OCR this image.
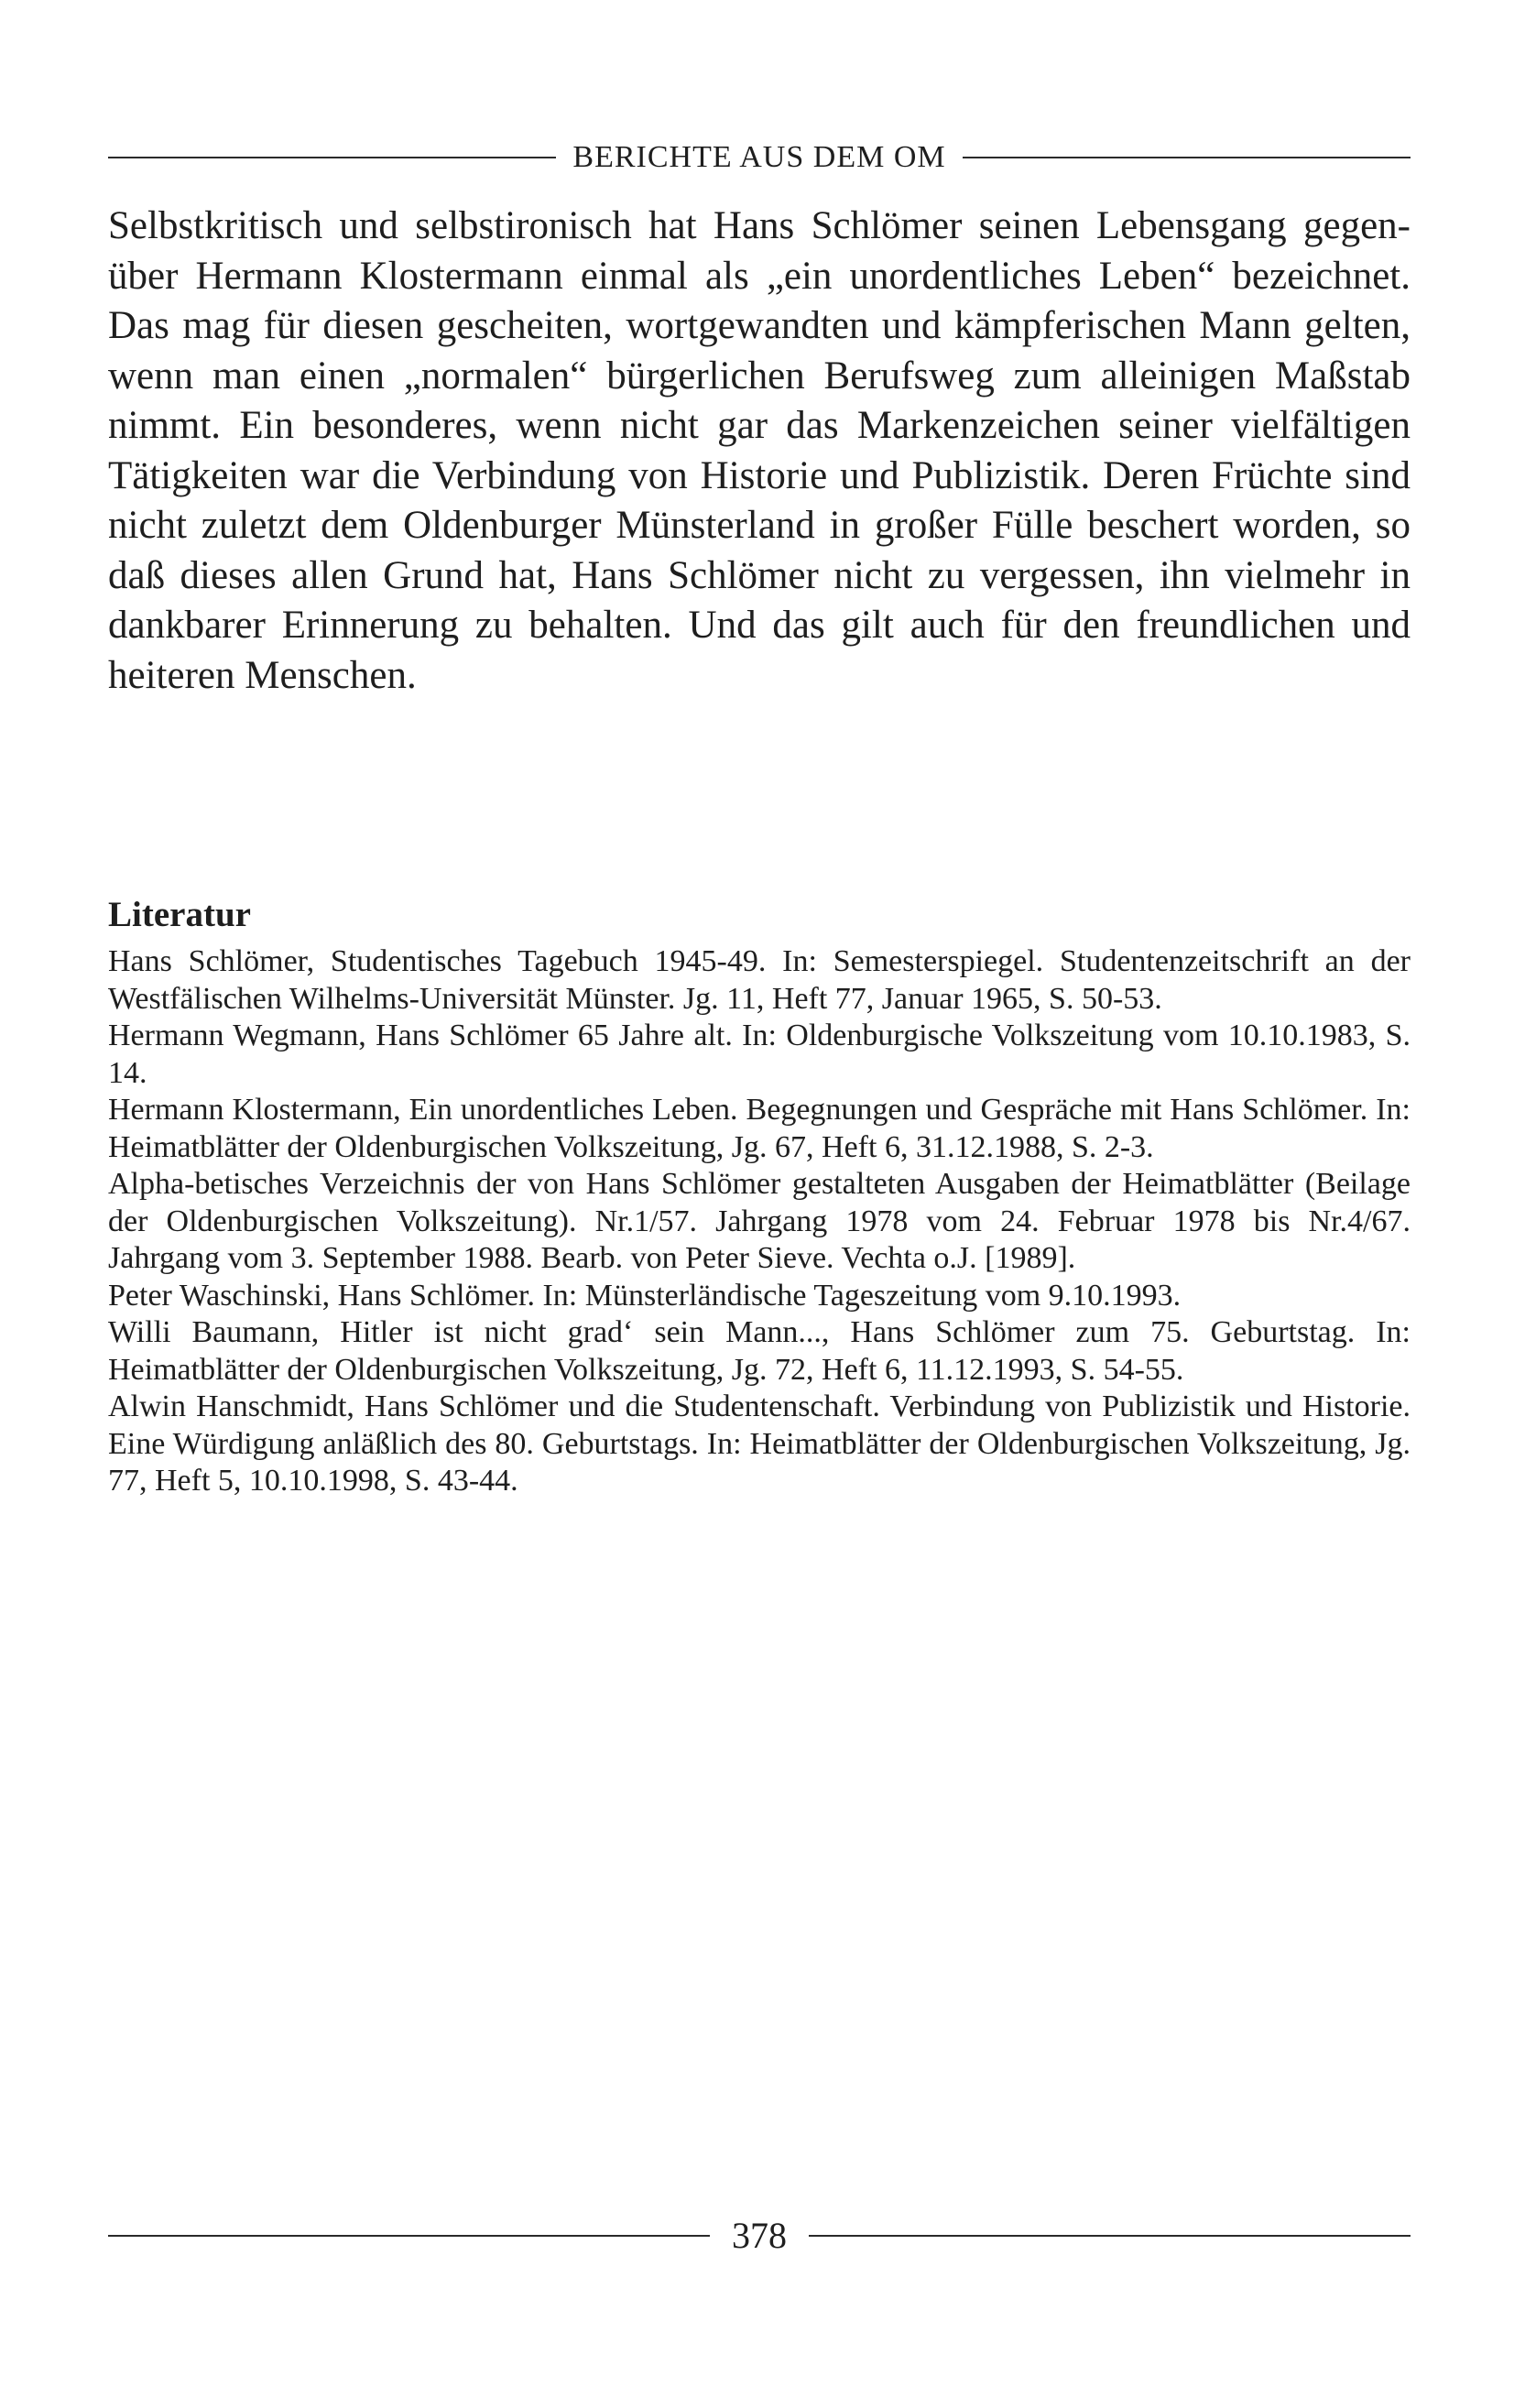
BERICHTE AUS DEM OM

Selbstkritisch und selbstironisch hat Hans Schlömer seinen Lebensgang gegenüber Hermann Klostermann einmal als „ein unordentliches Leben“ bezeichnet. Das mag für diesen gescheiten, wortgewandten und kämpferischen Mann gelten, wenn man einen „normalen“ bürgerlichen Berufsweg zum alleinigen Maßstab nimmt. Ein besonderes, wenn nicht gar das Markenzeichen seiner vielfältigen Tätigkeiten war die Verbindung von Historie und Publizistik. Deren Früchte sind nicht zuletzt dem Oldenburger Münsterland in großer Fülle beschert worden, so daß dieses allen Grund hat, Hans Schlömer nicht zu vergessen, ihn vielmehr in dankbarer Erinnerung zu behalten. Und das gilt auch für den freundlichen und heiteren Menschen.

Literatur
Hans Schlömer, Studentisches Tagebuch 1945-49. In: Semesterspiegel. Studentenzeitschrift an der Westfälischen Wilhelms-Universität Münster. Jg. 11, Heft 77, Januar 1965, S. 50-53.
Hermann Wegmann, Hans Schlömer 65 Jahre alt. In: Oldenburgische Volkszeitung vom 10.10.1983, S. 14.
Hermann Klostermann, Ein unordentliches Leben. Begegnungen und Gespräche mit Hans Schlömer. In: Heimatblätter der Oldenburgischen Volkszeitung, Jg. 67, Heft 6, 31.12.1988, S. 2-3.
Alpha-betisches Verzeichnis der von Hans Schlömer gestalteten Ausgaben der Heimatblätter (Beilage der Oldenburgischen Volkszeitung). Nr.1/57. Jahrgang 1978 vom 24. Februar 1978 bis Nr.4/67. Jahrgang vom 3. September 1988. Bearb. von Peter Sieve. Vechta o.J. [1989].
Peter Waschinski, Hans Schlömer. In: Münsterländische Tageszeitung vom 9.10.1993.
Willi Baumann, Hitler ist nicht grad‘ sein Mann..., Hans Schlömer zum 75. Geburtstag. In: Heimatblätter der Oldenburgischen Volkszeitung, Jg. 72, Heft 6, 11.12.1993, S. 54-55.
Alwin Hanschmidt, Hans Schlömer und die Studentenschaft. Verbindung von Publizistik und Historie. Eine Würdigung anläßlich des 80. Geburtstags. In: Heimatblätter der Oldenburgischen Volkszeitung, Jg. 77, Heft 5, 10.10.1998, S. 43-44.
378
